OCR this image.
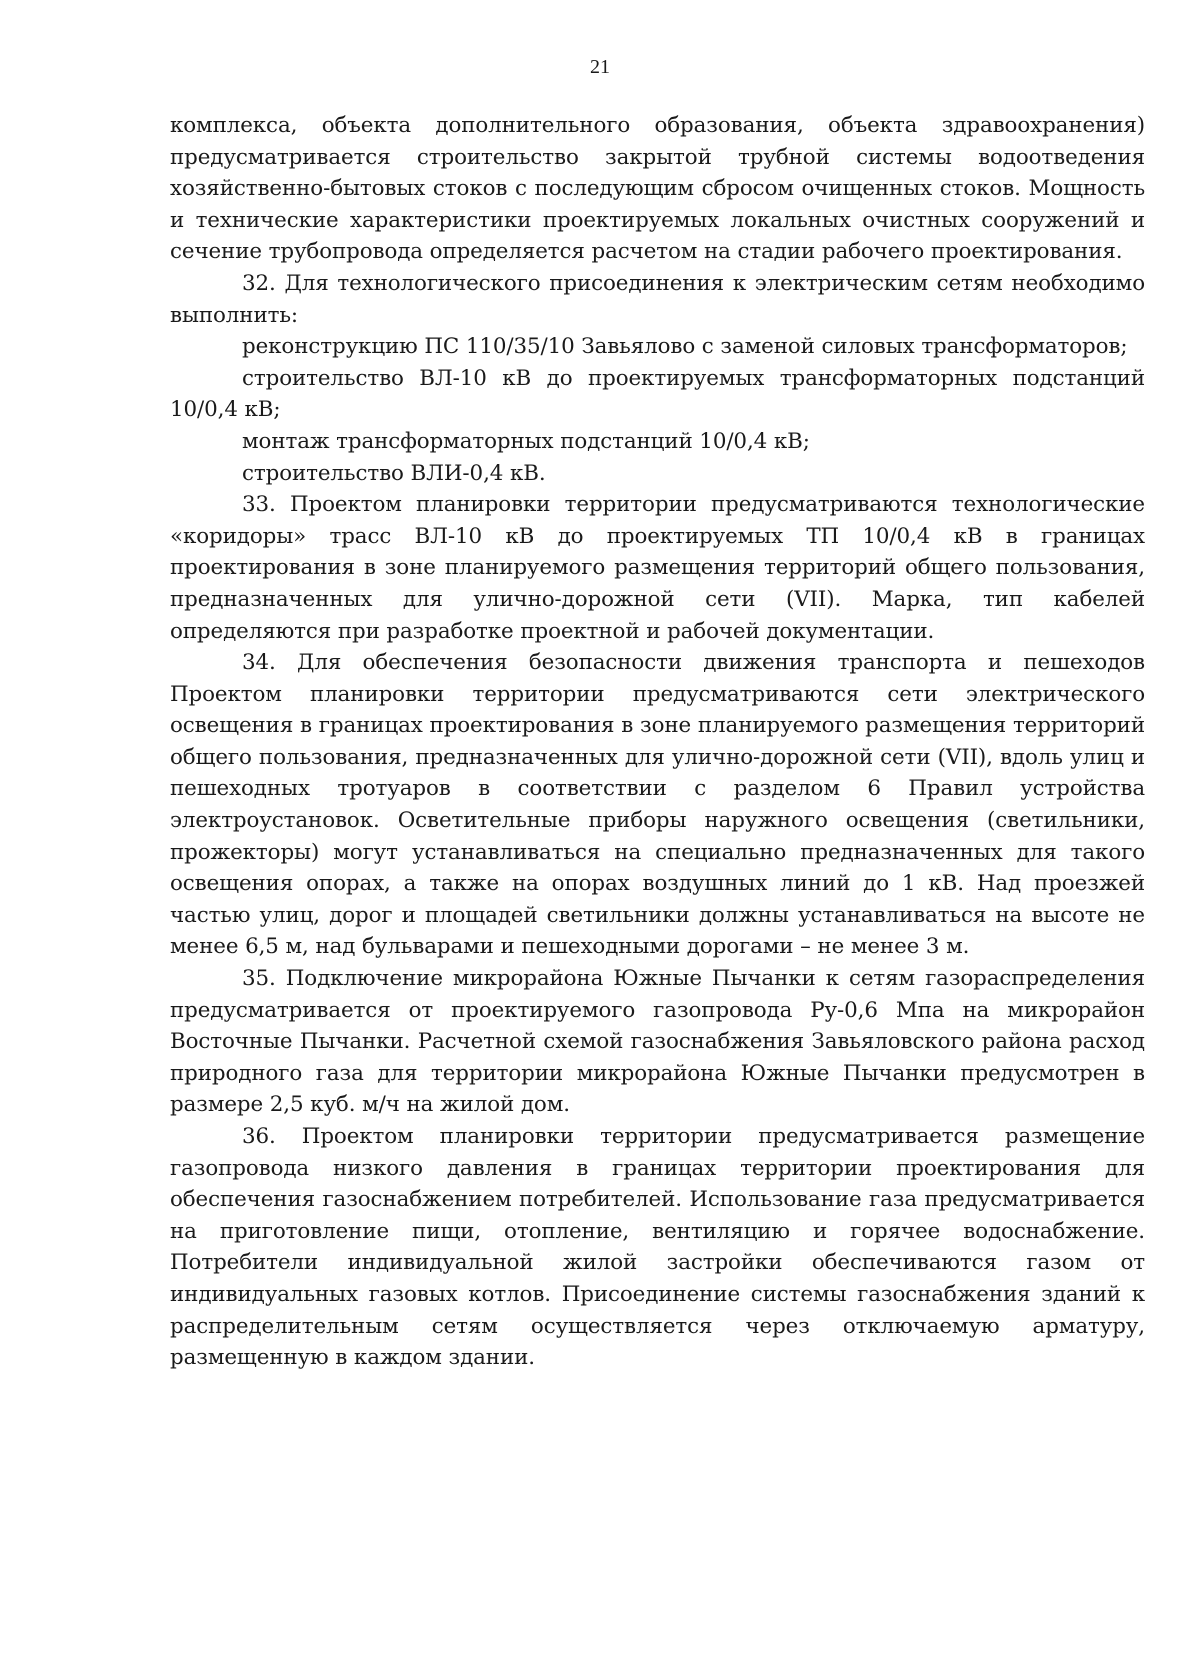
21

комплекса, объекта дополнительного образования, объекта здравоохранения) предусматривается строительство закрытой трубной системы водоотведения хозяйственно-бытовых стоков с последующим сбросом очищенных стоков. Мощность и технические характеристики проектируемых локальных очистных сооружений и сечение трубопровода определяется расчетом на стадии рабочего проектирования.

32. Для технологического присоединения к электрическим сетям необходимо выполнить:

реконструкцию ПС 110/35/10 Завьялово с заменой силовых трансформаторов;

строительство ВЛ-10 кВ до проектируемых трансформаторных подстанций 10/0,4 кВ;

монтаж трансформаторных подстанций 10/0,4 кВ;

строительство ВЛИ-0,4 кВ.

33. Проектом планировки территории предусматриваются технологические «коридоры» трасс ВЛ-10 кВ до проектируемых ТП 10/0,4 кВ в границах проектирования в зоне планируемого размещения территорий общего пользования, предназначенных для улично-дорожной сети (VII). Марка, тип кабелей определяются при разработке проектной и рабочей документации.

34. Для обеспечения безопасности движения транспорта и пешеходов Проектом планировки территории предусматриваются сети электрического освещения в границах проектирования в зоне планируемого размещения территорий общего пользования, предназначенных для улично-дорожной сети (VII), вдоль улиц и пешеходных тротуаров в соответствии с разделом 6 Правил устройства электроустановок. Осветительные приборы наружного освещения (светильники, прожекторы) могут устанавливаться на специально предназначенных для такого освещения опорах, а также на опорах воздушных линий до 1 кВ. Над проезжей частью улиц, дорог и площадей светильники должны устанавливаться на высоте не менее 6,5 м, над бульварами и пешеходными дорогами – не менее 3 м.

35. Подключение микрорайона Южные Пычанки к сетям газораспределения предусматривается от проектируемого газопровода Ру-0,6 Мпа на микрорайон Восточные Пычанки. Расчетной схемой газоснабжения Завьяловского района расход природного газа для территории микрорайона Южные Пычанки предусмотрен в размере 2,5 куб. м/ч на жилой дом.

36. Проектом планировки территории предусматривается размещение газопровода низкого давления в границах территории проектирования для обеспечения газоснабжением потребителей. Использование газа предусматривается на приготовление пищи, отопление, вентиляцию и горячее водоснабжение. Потребители индивидуальной жилой застройки обеспечиваются газом от индивидуальных газовых котлов. Присоединение системы газоснабжения зданий к распределительным сетям осуществляется через отключаемую арматуру, размещенную в каждом здании.
